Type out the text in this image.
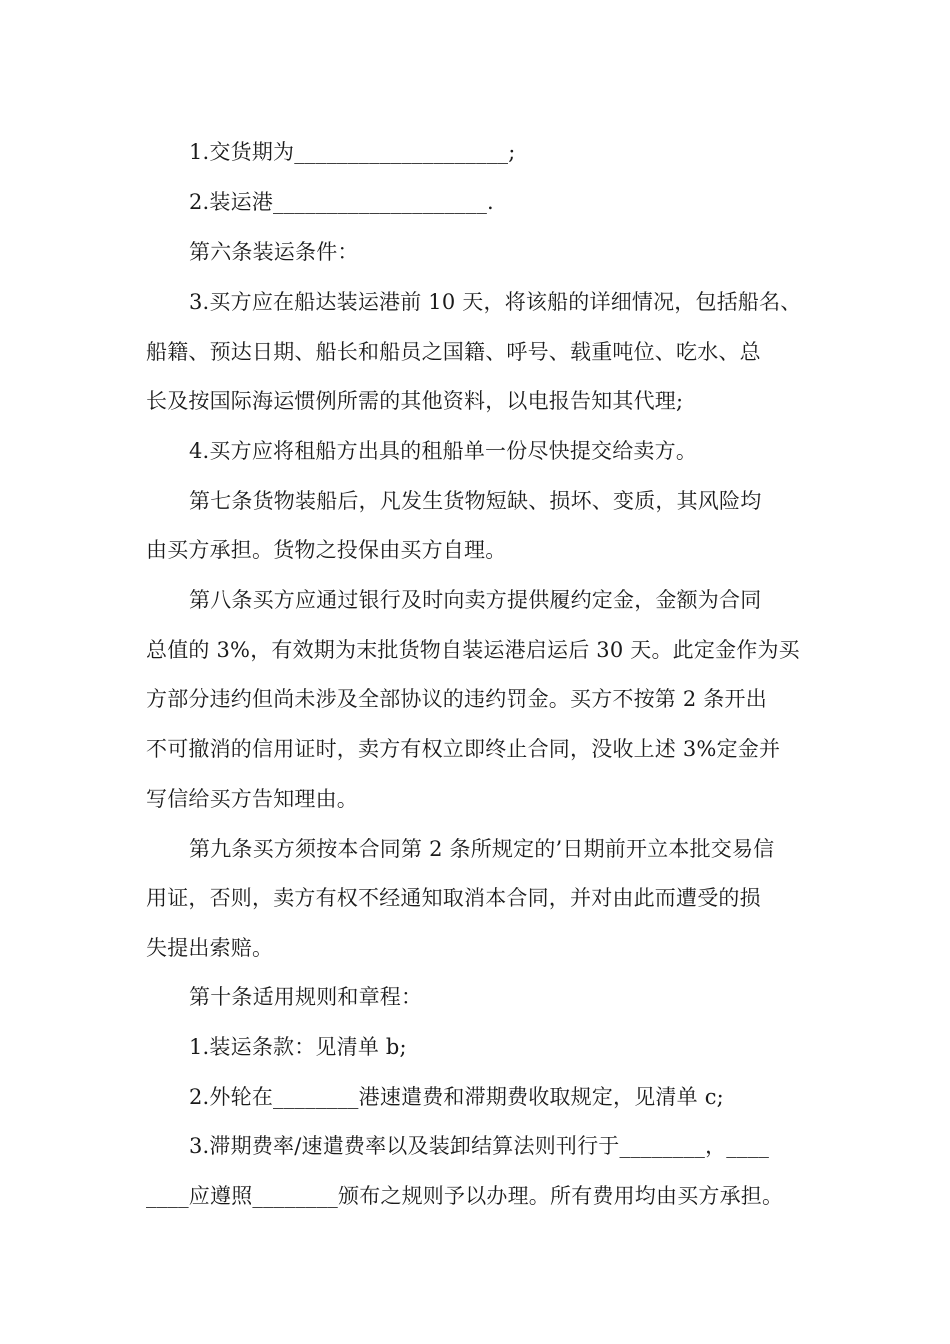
1.交货期为____________________;
2.装运港____________________.
第六条装运条件：
3.买方应在船达装运港前 10 天，将该船的详细情况，包括船名、
船籍、预达日期、船长和船员之国籍、呼号、载重吨位、吃水、总
长及按国际海运惯例所需的其他资料，以电报告知其代理;
4.买方应将租船方出具的租船单一份尽快提交给卖方。
第七条货物装船后，凡发生货物短缺、损坏、变质，其风险均
由买方承担。货物之投保由买方自理。
第八条买方应通过银行及时向卖方提供履约定金，金额为合同
总值的 3%，有效期为末批货物自装运港启运后 30 天。此定金作为买
方部分违约但尚未涉及全部协议的违约罚金。买方不按第 2 条开出
不可撤消的信用证时，卖方有权立即终止合同，没收上述 3%定金并
写信给买方告知理由。
第九条买方须按本合同第 2 条所规定的’日期前开立本批交易信
用证，否则，卖方有权不经通知取消本合同，并对由此而遭受的损
失提出索赔。
第十条适用规则和章程：
1.装运条款：见清单 b;
2.外轮在________港速遣费和滞期费收取规定，见清单 c;
3.滞期费率/速遣费率以及装卸结算法则刊行于________，____
____应遵照________颁布之规则予以办理。所有费用均由买方承担。
